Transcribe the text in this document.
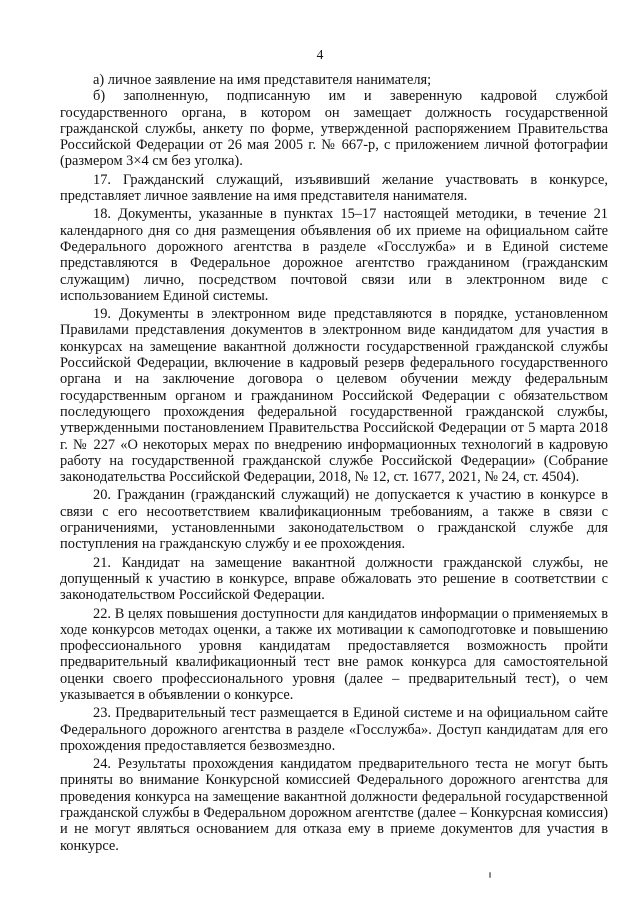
4

а) личное заявление на имя представителя нанимателя;

б) заполненную, подписанную им и заверенную кадровой службой государственного органа, в котором он замещает должность государственной гражданской службы, анкету по форме, утвержденной распоряжением Правительства Российской Федерации от 26 мая 2005 г. № 667-р, с приложением личной фотографии (размером 3×4 см без уголка).

17. Гражданский служащий, изъявивший желание участвовать в конкурсе, представляет личное заявление на имя представителя нанимателя.

18. Документы, указанные в пунктах 15–17 настоящей методики, в течение 21 календарного дня со дня размещения объявления об их приеме на официальном сайте Федерального дорожного агентства в разделе «Госслужба» и в Единой системе представляются в Федеральное дорожное агентство гражданином (гражданским служащим) лично, посредством почтовой связи или в электронном виде с использованием Единой системы.

19. Документы в электронном виде представляются в порядке, установленном Правилами представления документов в электронном виде кандидатом для участия в конкурсах на замещение вакантной должности государственной гражданской службы Российской Федерации, включение в кадровый резерв федерального государственного органа и на заключение договора о целевом обучении между федеральным государственным органом и гражданином Российской Федерации с обязательством последующего прохождения федеральной государственной гражданской службы, утвержденными постановлением Правительства Российской Федерации от 5 марта 2018 г. № 227 «О некоторых мерах по внедрению информационных технологий в кадровую работу на государственной гражданской службе Российской Федерации» (Собрание законодательства Российской Федерации, 2018, № 12, ст. 1677, 2021, № 24, ст. 4504).

20. Гражданин (гражданский служащий) не допускается к участию в конкурсе в связи с его несоответствием квалификационным требованиям, а также в связи с ограничениями, установленными законодательством о гражданской службе для поступления на гражданскую службу и ее прохождения.

21. Кандидат на замещение вакантной должности гражданской службы, не допущенный к участию в конкурсе, вправе обжаловать это решение в соответствии с законодательством Российской Федерации.

22. В целях повышения доступности для кандидатов информации о применяемых в ходе конкурсов методах оценки, а также их мотивации к самоподготовке и повышению профессионального уровня кандидатам предоставляется возможность пройти предварительный квалификационный тест вне рамок конкурса для самостоятельной оценки своего профессионального уровня (далее – предварительный тест), о чем указывается в объявлении о конкурсе.

23. Предварительный тест размещается в Единой системе и на официальном сайте Федерального дорожного агентства в разделе «Госслужба». Доступ кандидатам для его прохождения предоставляется безвозмездно.

24. Результаты прохождения кандидатом предварительного теста не могут быть приняты во внимание Конкурсной комиссией Федерального дорожного агентства для проведения конкурса на замещение вакантной должности федеральной государственной гражданской службы в Федеральном дорожном агентстве (далее – Конкурсная комиссия) и не могут являться основанием для отказа ему в приеме документов для участия в конкурсе.
